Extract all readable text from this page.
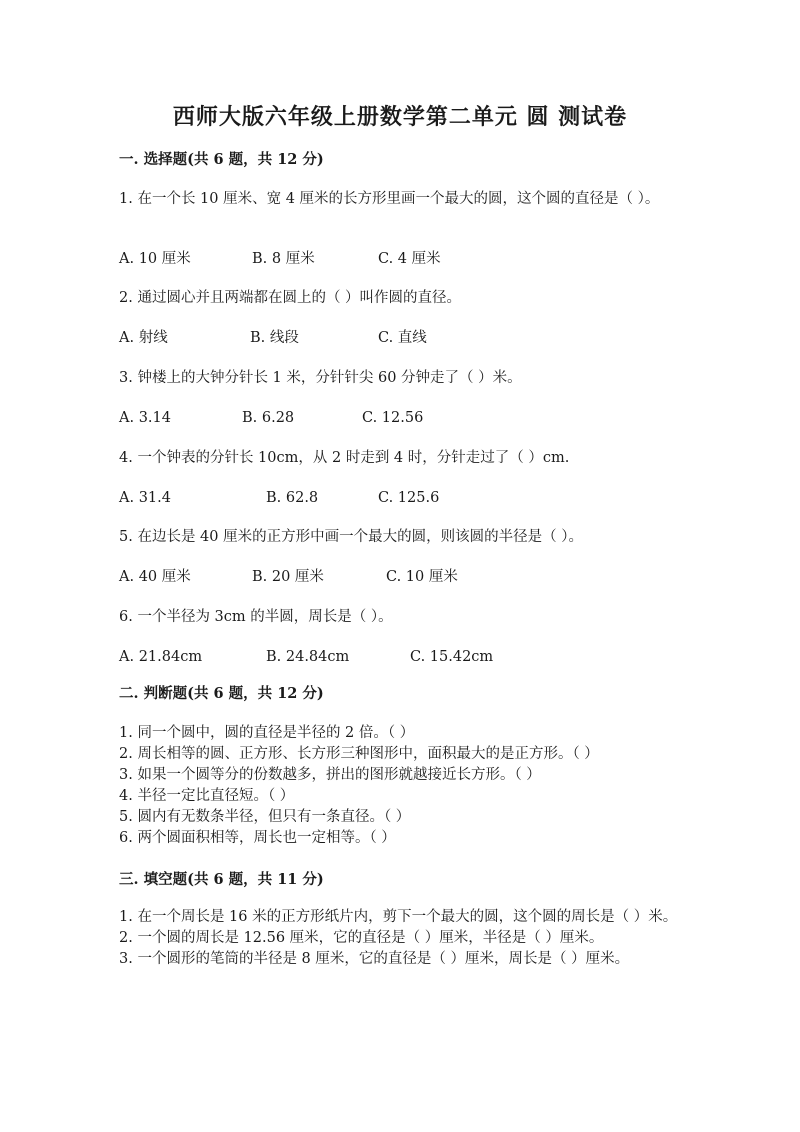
西师大版六年级上册数学第二单元 圆 测试卷
一. 选择题(共 6 题，共 12 分)
1. 在一个长 10 厘米、宽 4 厘米的长方形里画一个最大的圆，这个圆的直径是（ ）。
A. 10 厘米	B. 8 厘米	C. 4 厘米
2. 通过圆心并且两端都在圆上的（ ）叫作圆的直径。
A. 射线	B. 线段	C. 直线
3. 钟楼上的大钟分针长 1 米，分针针尖 60 分钟走了（ ）米。
A. 3.14	B. 6.28	C. 12.56
4. 一个钟表的分针长 10cm，从 2 时走到 4 时，分针走过了（ ）cm.
A. 31.4	B. 62.8	C. 125.6
5. 在边长是 40 厘米的正方形中画一个最大的圆，则该圆的半径是（ ）。
A. 40 厘米	B. 20 厘米	C. 10 厘米
6. 一个半径为 3cm 的半圆，周长是（ ）。
A. 21.84cm	B. 24.84cm	C. 15.42cm
二. 判断题(共 6 题，共 12 分)
1. 同一个圆中，圆的直径是半径的 2 倍。（ ）
2. 周长相等的圆、正方形、长方形三种图形中，面积最大的是正方形。（ ）
3. 如果一个圆等分的份数越多，拼出的图形就越接近长方形。（ ）
4. 半径一定比直径短。（ ）
5. 圆内有无数条半径，但只有一条直径。（ ）
6. 两个圆面积相等，周长也一定相等。（ ）
三. 填空题(共 6 题，共 11 分)
1. 在一个周长是 16 米的正方形纸片内，剪下一个最大的圆，这个圆的周长是（ ）米。
2. 一个圆的周长是 12.56 厘米，它的直径是（ ）厘米，半径是（ ）厘米。
3. 一个圆形的笔筒的半径是 8 厘米，它的直径是（ ）厘米，周长是（ ）厘米。
